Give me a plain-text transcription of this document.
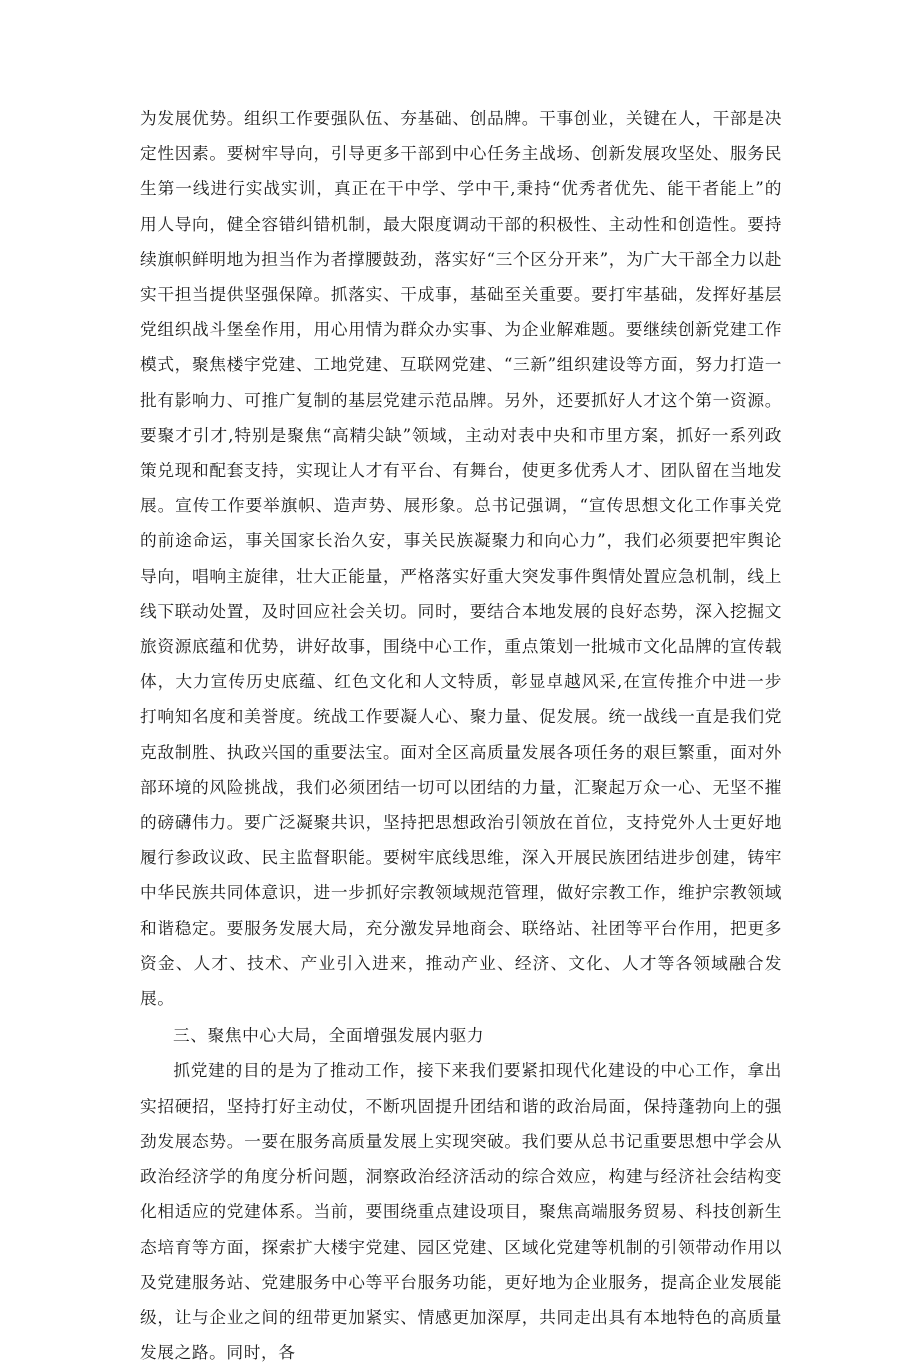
为发展优势。组织工作要强队伍、夯基础、创品牌。干事创业，关键在人，干部是决定性因素。要树牢导向，引导更多干部到中心任务主战场、创新发展攻坚处、服务民生第一线进行实战实训，真正在干中学、学中干,秉持“优秀者优先、能干者能上”的用人导向，健全容错纠错机制，最大限度调动干部的积极性、主动性和创造性。要持续旗帜鲜明地为担当作为者撑腰鼓劲，落实好“三个区分开来”，为广大干部全力以赴实干担当提供坚强保障。抓落实、干成事，基础至关重要。要打牢基础，发挥好基层党组织战斗堡垒作用，用心用情为群众办实事、为企业解难题。要继续创新党建工作模式，聚焦楼宇党建、工地党建、互联网党建、“三新”组织建设等方面，努力打造一批有影响力、可推广复制的基层党建示范品牌。另外，还要抓好人才这个第一资源。要聚才引才,特别是聚焦“高精尖缺”领域，主动对表中央和市里方案，抓好一系列政策兑现和配套支持，实现让人才有平台、有舞台，使更多优秀人才、团队留在当地发展。宣传工作要举旗帜、造声势、展形象。总书记强调，“宣传思想文化工作事关党的前途命运，事关国家长治久安，事关民族凝聚力和向心力”，我们必须要把牢舆论导向，唱响主旋律，壮大正能量，严格落实好重大突发事件舆情处置应急机制，线上线下联动处置，及时回应社会关切。同时，要结合本地发展的良好态势，深入挖掘文旅资源底蕴和优势，讲好故事，围绕中心工作，重点策划一批城市文化品牌的宣传载体，大力宣传历史底蕴、红色文化和人文特质，彰显卓越风采,在宣传推介中进一步打响知名度和美誉度。统战工作要凝人心、聚力量、促发展。统一战线一直是我们党克敌制胜、执政兴国的重要法宝。面对全区高质量发展各项任务的艰巨繁重，面对外部环境的风险挑战，我们必须团结一切可以团结的力量，汇聚起万众一心、无坚不摧的磅礴伟力。要广泛凝聚共识，坚持把思想政治引领放在首位，支持党外人士更好地履行参政议政、民主监督职能。要树牢底线思维，深入开展民族团结进步创建，铸牢中华民族共同体意识，进一步抓好宗教领域规范管理，做好宗教工作，维护宗教领域和谐稳定。要服务发展大局，充分激发异地商会、联络站、社团等平台作用，把更多资金、人才、技术、产业引入进来，推动产业、经济、文化、人才等各领域融合发展。

三、聚焦中心大局，全面增强发展内驱力

抓党建的目的是为了推动工作，接下来我们要紧扣现代化建设的中心工作，拿出实招硬招，坚持打好主动仗，不断巩固提升团结和谐的政治局面，保持蓬勃向上的强劲发展态势。一要在服务高质量发展上实现突破。我们要从总书记重要思想中学会从政治经济学的角度分析问题，洞察政治经济活动的综合效应，构建与经济社会结构变化相适应的党建体系。当前，要围绕重点建设项目，聚焦高端服务贸易、科技创新生态培育等方面，探索扩大楼宇党建、园区党建、区域化党建等机制的引领带动作用以及党建服务站、党建服务中心等平台服务功能，更好地为企业服务，提高企业发展能级，让与企业之间的纽带更加紧实、情感更加深厚，共同走出具有本地特色的高质量发展之路。同时，各
